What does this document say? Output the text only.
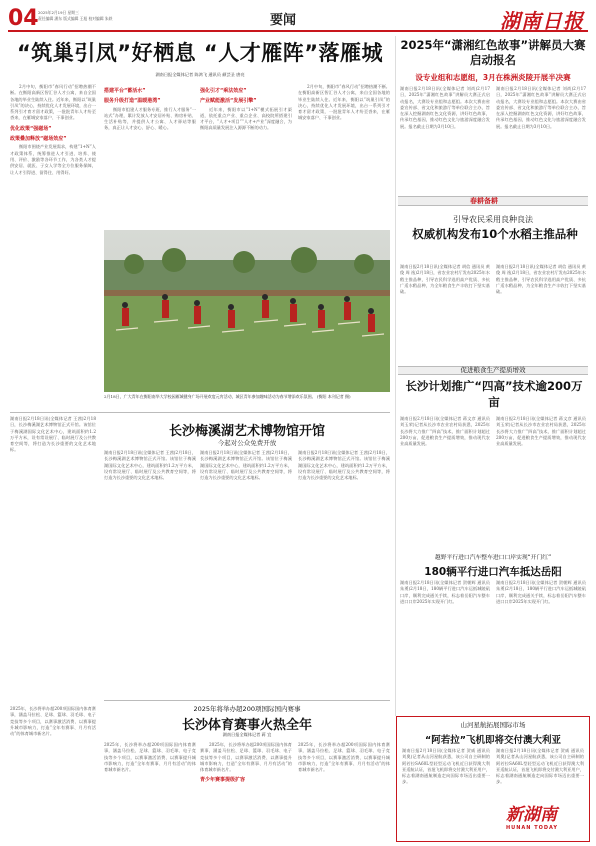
04 2025年2月19日 星期三
责任编辑 潘东 版式编辑 王旭 校对编辑 朱轶	要闻	湖南日报
“筑巢引凤”好栖息 “人才雁阵”落雁城
湖南日报全媒体记者 陈鸿飞 通讯员 颜芸圣 唐亮

2月中旬，衡阳市“春风行动”招聘热潮不断。在衡阳高新区智汇谷人才公寓，来自全国各地的毕业生陆续入住。近年来，衡阳以“筑巢引凤”的决心，持续优化人才发展环境，出台一系列引才育才留才政策，一批批青年人才纷至沓来，在雁城安家落户、干事创业。

优化政策“强磁场”
政策叠加释放“磁场效应”

衡阳市围绕产业发展需求，构建“1+N”人才政策体系，统筹推进人才引进、培养、使用、评价、激励等各环节工作，为各类人才提供安居、就医、子女入学等全方位服务保障，让人才引得进、留得住、用得好。

搭建平台“蓄活水”
服务升级打造“温暖港湾”

衡阳市组建人才服务专班，推行人才服务“一站式”办理，累计发放人才安居补贴、购房补贴、生活补贴等，并提供人才公寓、人才驿站等服务，真正让人才安心、舒心、暖心。

强化引才“乘法效应”
产业赋能激活“发展引擎”

近年来，衡阳市以“1+N”模式拓展引才渠道，依托重点产业、重点企业、高校院所搭建引才平台，“人才+项目”“人才+产业”深度融合，为衡阳高质量发展注入源源不断的动力。

2月中旬，衡阳市“春风行动”招聘热潮不断。在衡阳高新区智汇谷人才公寓，来自全国各地的毕业生陆续入住。近年来，衡阳以“筑巢引凤”的决心，持续优化人才发展环境，出台一系列引才育才留才政策，一批批青年人才纷至沓来，在雁城安家落户、干事创业。

2月18日，广大青年在衡阳南华大学校园雁城健身广场开展欢度元宵活动，城区青年参加趣味活动为春节增添欢乐氛围。 (衡阳 本刊记者 摄)
2025年“潇湘红色故事”讲解员大赛启动报名
设专业组和志愿组，3月在株洲炎陵开展半决赛
湖南日报2月18日讯(全媒体记者 刘尚)2月17日，2025年“潇湘红色故事”讲解员大赛正式启动报名，大赛设专业组和志愿组。本次大赛由省委宣传部、省文化和旅游厅等单位联合主办，旨在深入挖掘湖南红色文化资源，讲好红色故事，传承红色基因，推动红色文化与旅游深度融合发展。报名截止日期为3月10日。
湖南日报2月18日讯(全媒体记者 刘尚)2月17日，2025年“潇湘红色故事”讲解员大赛正式启动报名，大赛设专业组和志愿组。本次大赛由省委宣传部、省文化和旅游厅等单位联合主办，旨在深入挖掘湖南红色文化资源，讲好红色故事，传承红色基因，推动红色文化与旅游深度融合发展。报名截止日期为3月10日。
春耕备耕
引导农民采用良种良法
权威机构发布10个水稻主推品种
湖南日报2月18日讯(全媒体记者 胡信 通讯员 黄俊 周 逸)2月18日，省农业农村厅发布2025年水稻主推品种，引导农民科学选用高产优质、多抗广适水稻品种，为全年粮食生产丰收打下坚实基础。
湖南日报2月18日讯(全媒体记者 胡信 通讯员 黄俊 周 逸)2月18日，省农业农村厅发布2025年水稻主推品种，引导农民科学选用高产优质、多抗广适水稻品种，为全年粮食生产丰收打下坚实基础。
促进粮食生产提质增效
长沙计划推广“四高”技术逾200万亩
湖南日报2月18日讯(全媒体记者 蒋文彦 通讯员 刘玉荣)记者从长沙市农业农村局获悉，2025年长沙将大力推广“四高”技术，推广面积计划超过200万亩，促进粮食生产提质增效，推动现代农业高质量发展。
湖南日报2月18日讯(全媒体记者 蒋文彦 通讯员 刘玉荣)记者从长沙市农业农村局获悉，2025年长沙将大力推广“四高”技术，推广面积计划超过200万亩，促进粮食生产提质增效，推动现代农业高质量发展。
越野平行进口汽车整车进口口岸实现“开门红”
180辆平行进口汽车抵达岳阳
湖南日报2月18日讯(全媒体记者 贺朝辉 通讯员 朱勇)2月18日，180辆平行进口汽车运抵城陵矶口岸，顺利完成通关手续，标志着岳阳汽车整车进口口岸2025年实现开门红。
湖南日报2月18日讯(全媒体记者 贺朝辉 通讯员 朱勇)2月18日，180辆平行进口汽车运抵城陵矶口岸，顺利完成通关手续，标志着岳阳汽车整车进口口岸2025年实现开门红。
湖南日报2月18日讯(全媒体记者 王茜)2月18日，长沙梅溪湖艺术博物馆正式开馆。该馆位于梅溪湖国际文化艺术中心，建筑面积约1.2万平方米，设有常设展厅、临时展厅及公共教育空间等，将打造为长沙重要的文化艺术地标。
长沙梅溪湖艺术博物馆开馆
今起对公众免费开放
湖南日报2月18日讯(全媒体记者 王茜)2月18日，长沙梅溪湖艺术博物馆正式开馆。该馆位于梅溪湖国际文化艺术中心，建筑面积约1.2万平方米，设有常设展厅、临时展厅及公共教育空间等，将打造为长沙重要的文化艺术地标。
湖南日报2月18日讯(全媒体记者 王茜)2月18日，长沙梅溪湖艺术博物馆正式开馆。该馆位于梅溪湖国际文化艺术中心，建筑面积约1.2万平方米，设有常设展厅、临时展厅及公共教育空间等，将打造为长沙重要的文化艺术地标。
湖南日报2月18日讯(全媒体记者 王茜)2月18日，长沙梅溪湖艺术博物馆正式开馆。该馆位于梅溪湖国际文化艺术中心，建筑面积约1.2万平方米，设有常设展厅、临时展厅及公共教育空间等，将打造为长沙重要的文化艺术地标。
2025年将举办超200项国际国内赛事
长沙体育赛事火热全年
湖南日报全媒体记者 蒋 宜
2025年，长沙将举办超200项国际国内体育赛事，涵盖马拉松、足球、篮球、羽毛球、电子竞技等多个项目，以赛事激活消费、以赛事提升城市影响力，打造“全年有赛事、月月有活动”的体育城市新名片。
2025年，长沙将举办超200项国际国内体育赛事，涵盖马拉松、足球、篮球、羽毛球、电子竞技等多个项目，以赛事激活消费、以赛事提升城市影响力，打造“全年有赛事、月月有活动”的体育城市新名片。

2025年，长沙将举办超200项国际国内体育赛事，涵盖马拉松、足球、篮球、羽毛球、电子竞技等多个项目，以赛事激活消费、以赛事提升城市影响力，打造“全年有赛事、月月有活动”的体育城市新名片。

青少年赛事提级扩容
2025年，长沙将举办超200项国际国内体育赛事，涵盖马拉松、足球、篮球、羽毛球、电子竞技等多个项目，以赛事激活消费、以赛事提升城市影响力，打造“全年有赛事、月月有活动”的体育城市新名片。
山河星航拓展国际市场
“阿若拉”飞机即将交付澳大利亚
湖南日报2月18日讯(全媒体记者 贺威 通讯员 刘奥)记者从山河星航获悉，该公司自主研制的阿若拉SA60L型轻型运动飞机近日获得澳大利亚适航认证，首批飞机即将交付澳大利亚用户，标志着湖南通航制造走向国际市场迈出重要一步。
湖南日报2月18日讯(全媒体记者 贺威 通讯员 刘奥)记者从山河星航获悉，该公司自主研制的阿若拉SA60L型轻型运动飞机近日获得澳大利亚适航认证，首批飞机即将交付澳大利亚用户，标志着湖南通航制造走向国际市场迈出重要一步。
新湖南
HUNAN TODAY
